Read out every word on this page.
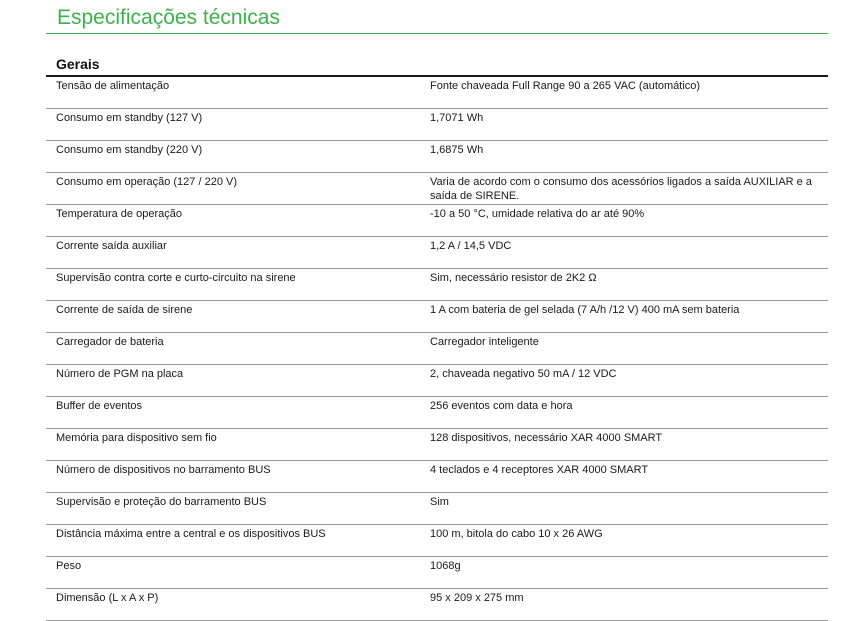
Especificações técnicas
Gerais
Tensão de alimentação	Fonte chaveada Full Range 90 a 265 VAC (automático)
Consumo em standby (127 V)	1,7071 Wh
Consumo em standby (220 V)	1,6875 Wh
Consumo em operação (127 / 220 V)	Varia de acordo com o consumo dos acessórios ligados a saída AUXILIAR e a saída de SIRENE.
Temperatura de operação	-10 a 50 °C, umidade relativa do ar até 90%
Corrente saída auxiliar	1,2 A / 14,5 VDC
Supervisão contra corte e curto-circuito na sirene	Sim, necessário resistor de 2K2 Ω
Corrente de saída de sirene	1 A com bateria de gel selada (7 A/h /12 V) 400 mA sem bateria
Carregador de bateria	Carregador inteligente
Número de PGM na placa	2, chaveada negativo 50 mA / 12 VDC
Buffer de eventos	256 eventos com data e hora
Memória para dispositivo sem fio	128 dispositivos, necessário XAR 4000 SMART
Número de dispositivos no barramento BUS	4 teclados e 4 receptores XAR 4000 SMART
Supervisão e proteção do barramento BUS	Sim
Distância máxima entre a central e os dispositivos BUS	100 m, bitola do cabo 10 x 26 AWG
Peso	1068g
Dimensão (L x A x P)	95 x 209 x 275 mm
